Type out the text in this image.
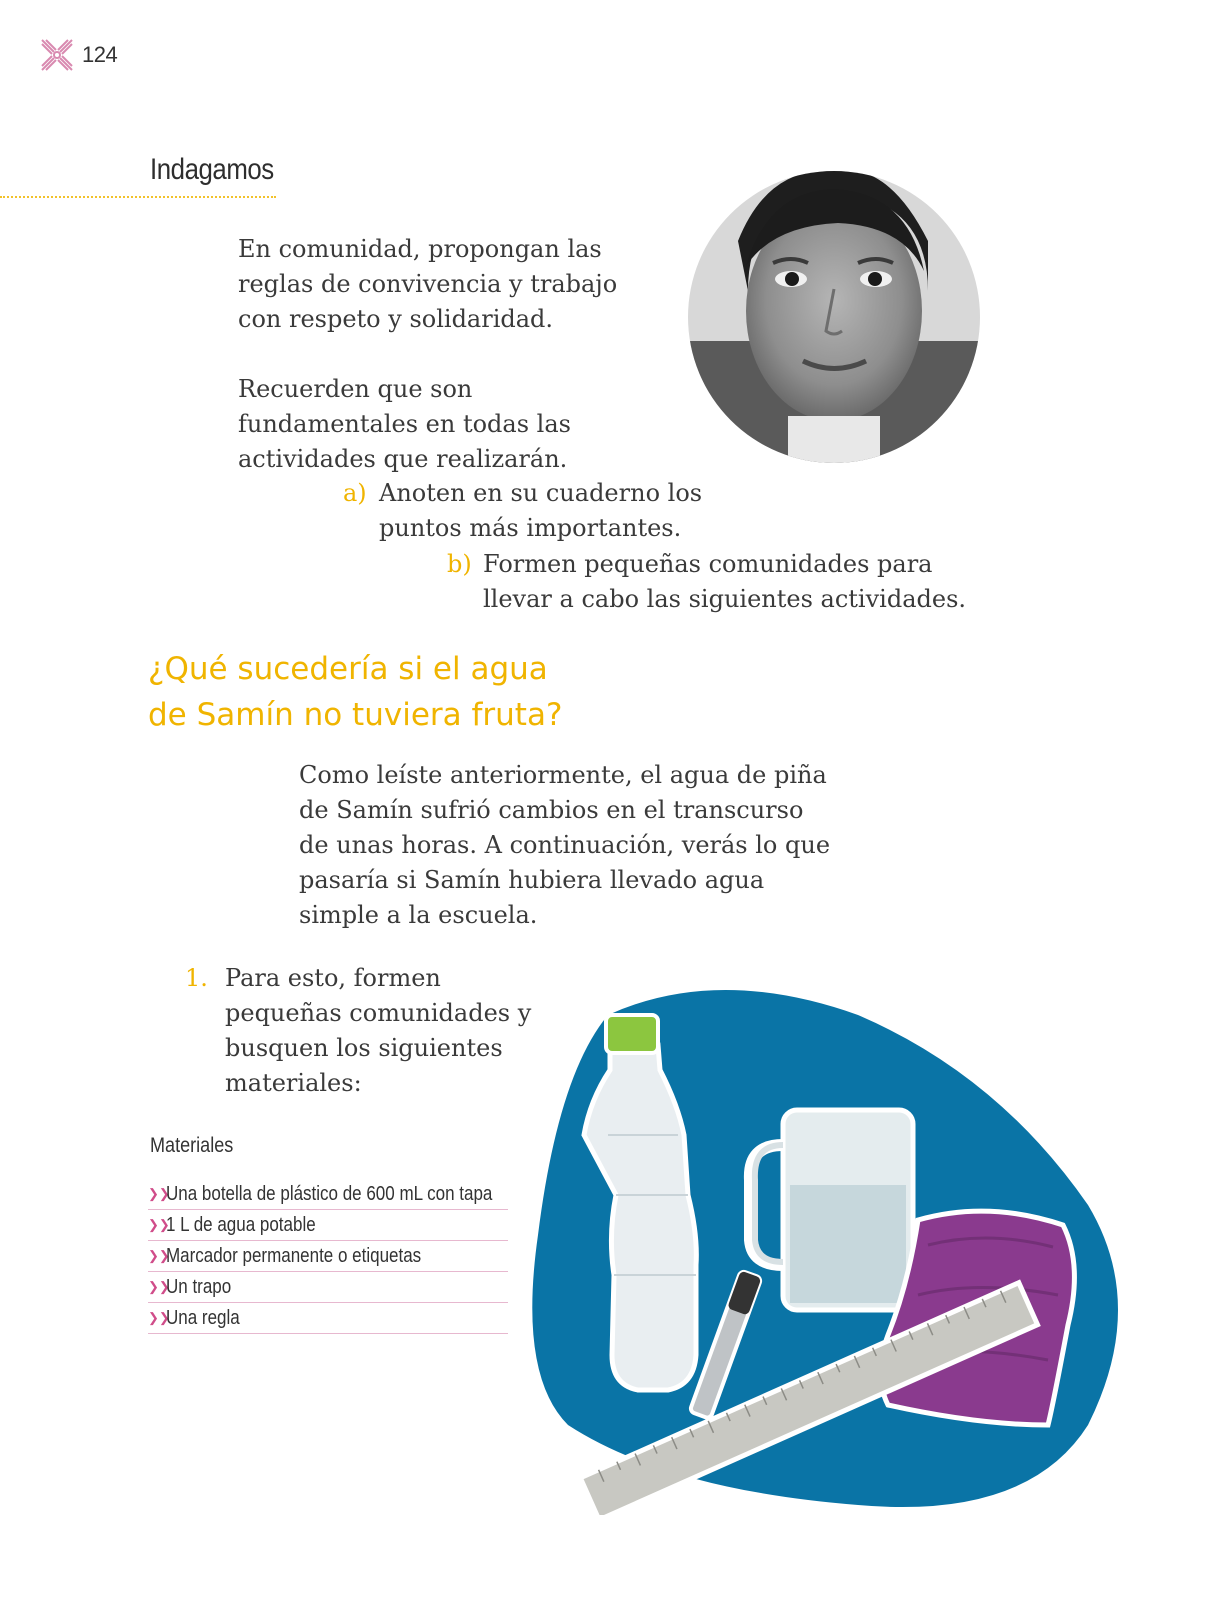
124
Indagamos

En comunidad, propongan las reglas de convivencia y trabajo con respeto y solidaridad.

Recuerden que son fundamentales en todas las actividades que realizarán.

a) Anoten en su cuaderno los puntos más importantes.
b) Formen pequeñas comunidades para llevar a cabo las siguientes actividades.
¿Qué sucedería si el agua
de Samín no tuviera fruta?

Como leíste anteriormente, el agua de piña de Samín sufrió cambios en el transcurso de unas horas. A continuación, verás lo que pasaría si Samín hubiera llevado agua simple a la escuela.

1. Para esto, formen pequeñas comunidades y busquen los siguientes materiales:
Materiales
❯❯
Una botella de plástico de 600 mL con tapa
❯❯
1 L de agua potable
❯❯
Marcador permanente o etiquetas
❯❯
Un trapo
❯❯
Una regla
